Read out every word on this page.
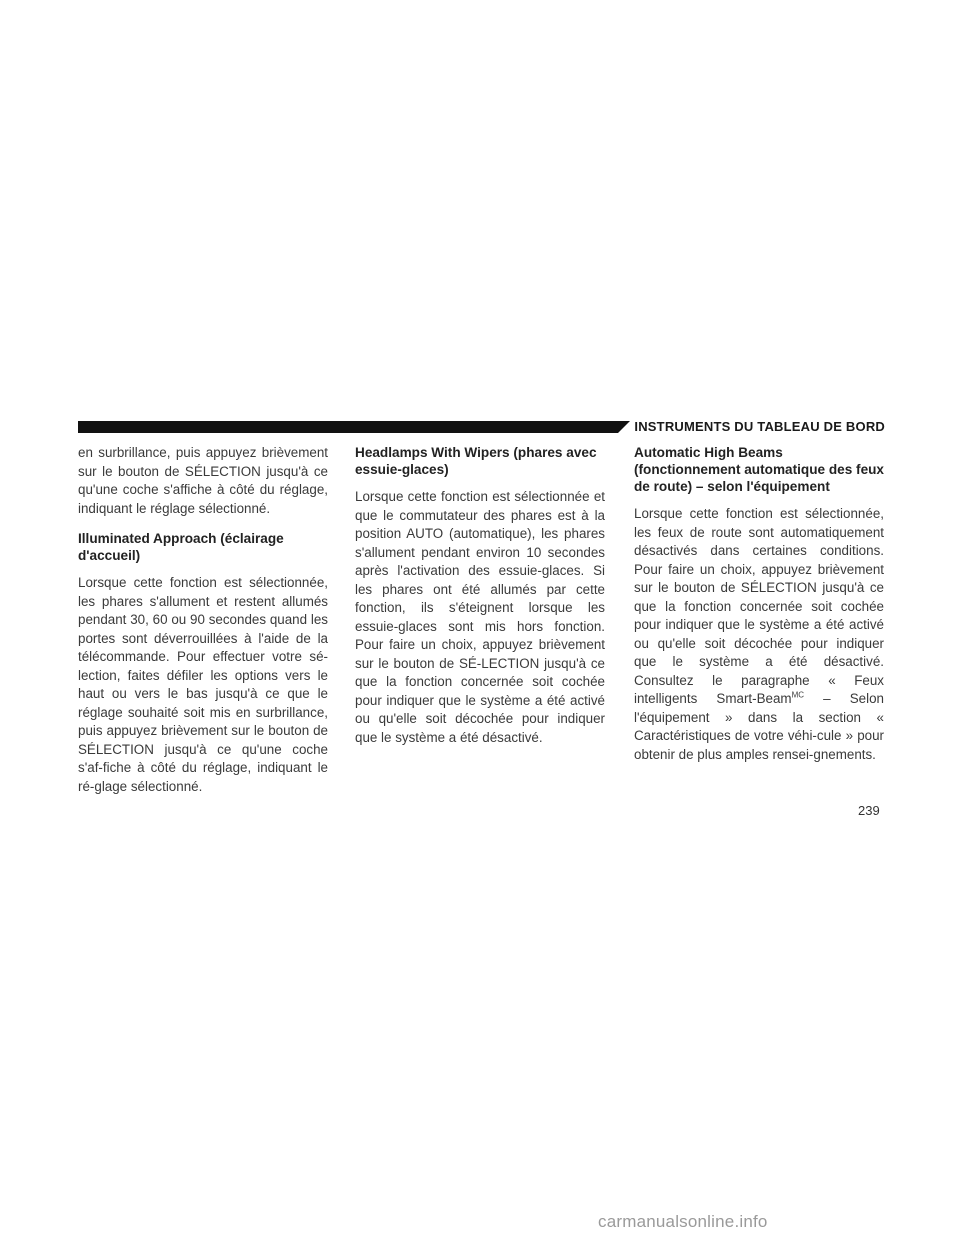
INSTRUMENTS DU TABLEAU DE BORD

en surbrillance, puis appuyez brièvement sur le bouton de SÉLECTION jusqu'à ce qu'une coche s'affiche à côté du réglage, indiquant le réglage sélectionné.

Illuminated Approach (éclairage d'accueil)

Lorsque cette fonction est sélectionnée, les phares s'allument et restent allumés pendant 30, 60 ou 90 secondes quand les portes sont déverrouillées à l'aide de la télécommande. Pour effectuer votre sé-lection, faites défiler les options vers le haut ou vers le bas jusqu'à ce que le réglage souhaité soit mis en surbrillance, puis appuyez brièvement sur le bouton de SÉLECTION jusqu'à ce qu'une coche s'af-fiche à côté du réglage, indiquant le ré-glage sélectionné.

Headlamps With Wipers (phares avec essuie-glaces)

Lorsque cette fonction est sélectionnée et que le commutateur des phares est à la position AUTO (automatique), les phares s'allument pendant environ 10 secondes après l'activation des essuie-glaces. Si les phares ont été allumés par cette fonction, ils s'éteignent lorsque les essuie-glaces sont mis hors fonction. Pour faire un choix, appuyez brièvement sur le bouton de SÉ-LECTION jusqu'à ce que la fonction concernée soit cochée pour indiquer que le système a été activé ou qu'elle soit décochée pour indiquer que le système a été désactivé.

Automatic High Beams (fonctionnement automatique des feux de route) – selon l'équipement

Lorsque cette fonction est sélectionnée, les feux de route sont automatiquement désactivés dans certaines conditions. Pour faire un choix, appuyez brièvement sur le bouton de SÉLECTION jusqu'à ce que la fonction concernée soit cochée pour indiquer que le système a été activé ou qu'elle soit décochée pour indiquer que le système a été désactivé. Consultez le paragraphe « Feux intelligents Smart-Beam$^{MC}$ – Selon l'équipement » dans la section « Caractéristiques de votre véhi-cule » pour obtenir de plus amples rensei-gnements.

239
carmanualsonline.info
